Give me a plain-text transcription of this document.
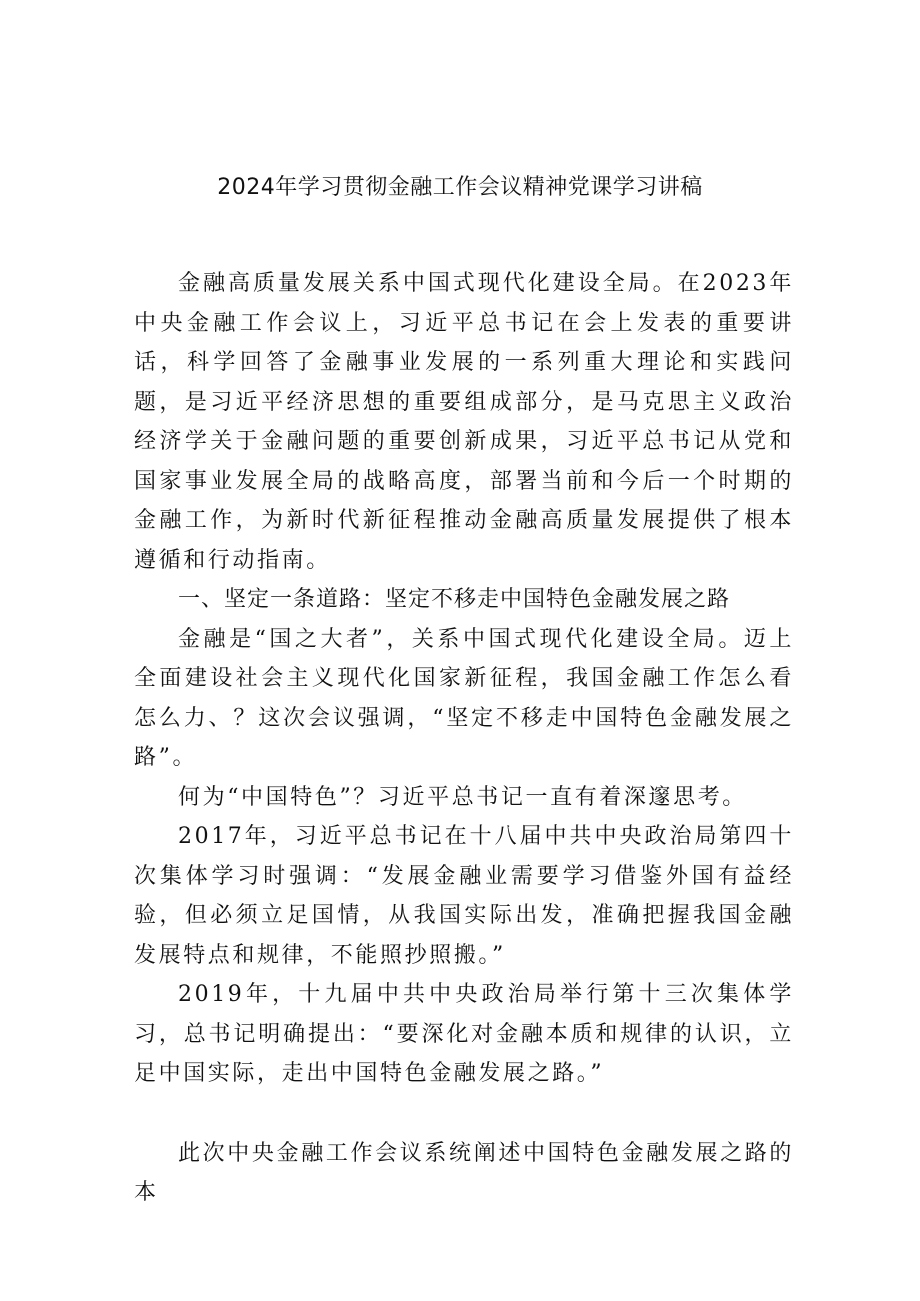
2024年学习贯彻金融工作会议精神党课学习讲稿

金融高质量发展关系中国式现代化建设全局。在2023年中央金融工作会议上，习近平总书记在会上发表的重要讲话，科学回答了金融事业发展的一系列重大理论和实践问题，是习近平经济思想的重要组成部分，是马克思主义政治经济学关于金融问题的重要创新成果，习近平总书记从党和国家事业发展全局的战略高度，部署当前和今后一个时期的金融工作，为新时代新征程推动金融高质量发展提供了根本遵循和行动指南。

一、坚定一条道路：坚定不移走中国特色金融发展之路

金融是“国之大者”，关系中国式现代化建设全局。迈上全面建设社会主义现代化国家新征程，我国金融工作怎么看怎么力、？这次会议强调，“坚定不移走中国特色金融发展之路”。

何为“中国特色”？习近平总书记一直有着深邃思考。

2017年，习近平总书记在十八届中共中央政治局第四十次集体学习时强调：“发展金融业需要学习借鉴外国有益经验，但必须立足国情，从我国实际出发，准确把握我国金融发展特点和规律，不能照抄照搬。”

2019年，十九届中共中央政治局举行第十三次集体学习，总书记明确提出：“要深化对金融本质和规律的认识，立足中国实际，走出中国特色金融发展之路。”

此次中央金融工作会议系统阐述中国特色金融发展之路的本
